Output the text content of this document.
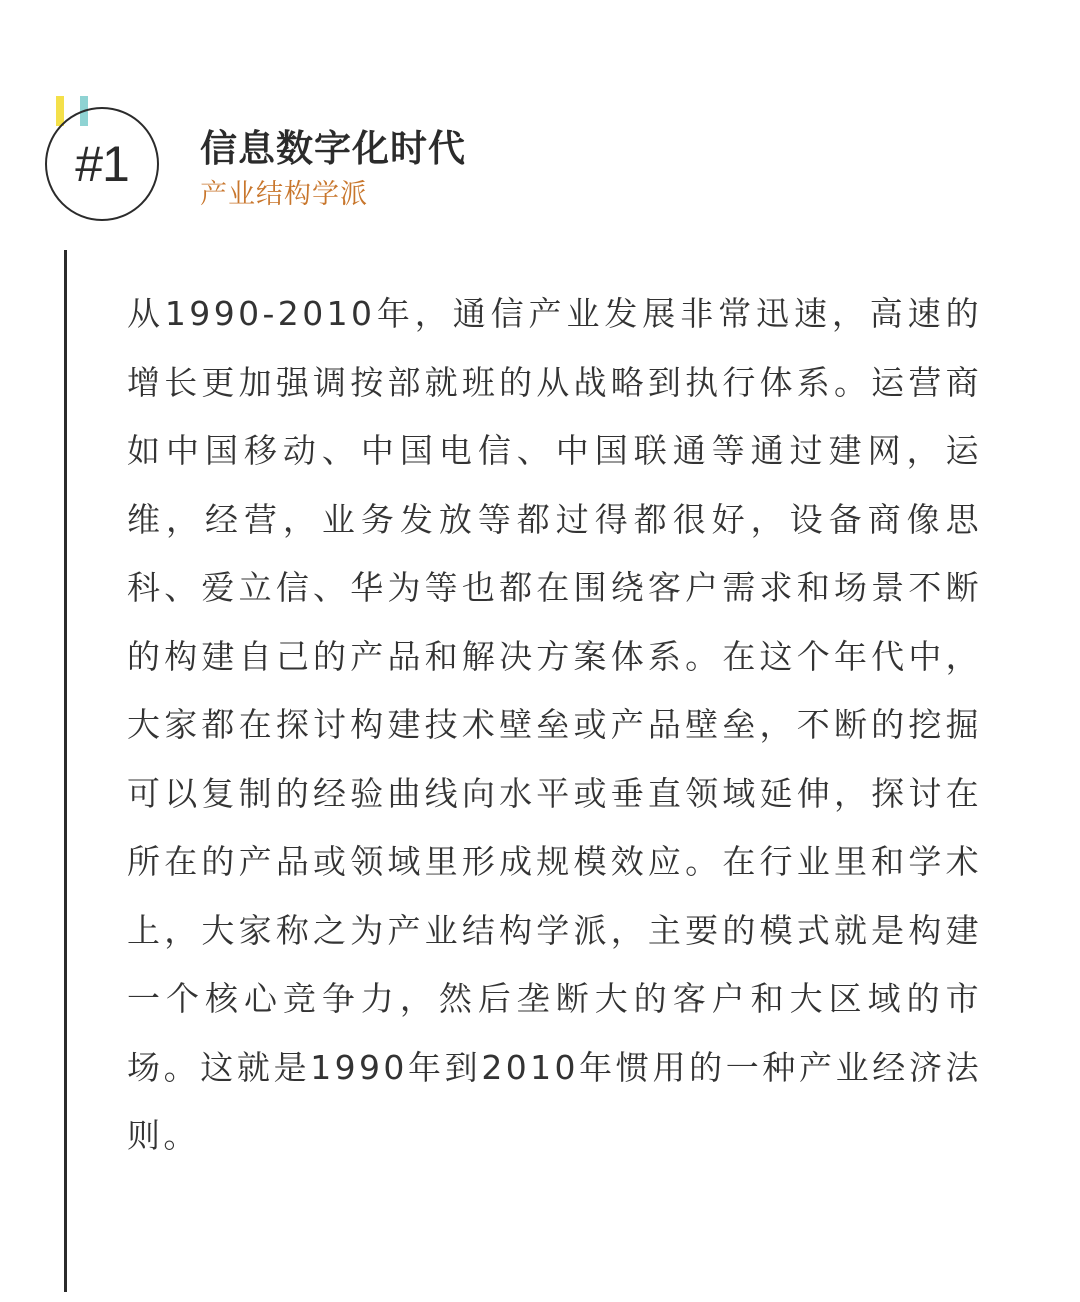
#1	信息数字化时代
产业结构学派

从1990-2010年，通信产业发展非常迅速，高速的增长更加强调按部就班的从战略到执行体系。运营商如中国移动、中国电信、中国联通等通过建网，运维，经营，业务发放等都过得都很好，设备商像思科、爱立信、华为等也都在围绕客户需求和场景不断的构建自己的产品和解决方案体系。在这个年代中，大家都在探讨构建技术壁垒或产品壁垒，不断的挖掘可以复制的经验曲线向水平或垂直领域延伸，探讨在所在的产品或领域里形成规模效应。在行业里和学术上，大家称之为产业结构学派，主要的模式就是构建一个核心竞争力，然后垄断大的客户和大区域的市场。这就是1990年到2010年惯用的一种产业经济法则。
